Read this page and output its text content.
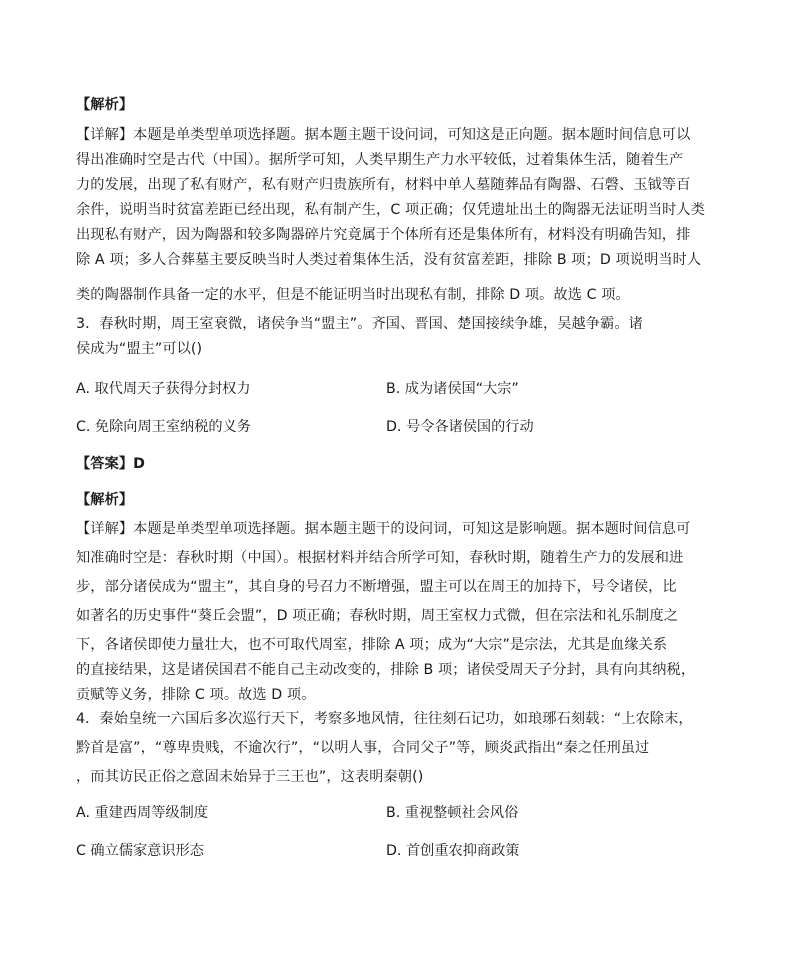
【解析】
【详解】本题是单类型单项选择题。据本题主题干设问词，可知这是正向题。据本题时间信息可以
得出准确时空是古代（中国）。据所学可知，人类早期生产力水平较低，过着集体生活，随着生产
力的发展，出现了私有财产，私有财产归贵族所有，材料中单人墓随葬品有陶器、石磬、玉钺等百
余件，说明当时贫富差距已经出现，私有制产生，C 项正确；仅凭遗址出土的陶器无法证明当时人类
出现私有财产，因为陶器和较多陶器碎片究竟属于个体所有还是集体所有，材料没有明确告知，排
除 A 项；多人合葬墓主要反映当时人类过着集体生活，没有贫富差距，排除 B 项；D 项说明当时人
类的陶器制作具备一定的水平，但是不能证明当时出现私有制，排除 D 项。故选 C 项。
3．春秋时期，周王室衰微，诸侯争当“盟主”。齐国、晋国、楚国接续争雄，吴越争霸。诸
侯成为“盟主”可以()
A. 取代周天子获得分封权力	B. 成为诸侯国“大宗”
C. 免除向周王室纳税的义务	D. 号令各诸侯国的行动
【答案】D
【解析】
【详解】本题是单类型单项选择题。据本题主题干的设问词，可知这是影响题。据本题时间信息可
知准确时空是：春秋时期（中国）。根据材料并结合所学可知，春秋时期，随着生产力的发展和进
步，部分诸侯成为“盟主”，其自身的号召力不断增强，盟主可以在周王的加持下，号令诸侯，比
如著名的历史事件“葵丘会盟”，D 项正确；春秋时期，周王室权力式微，但在宗法和礼乐制度之
下，各诸侯即使力量壮大，也不可取代周室，排除 A 项；成为“大宗”是宗法，尤其是血缘关系
的直接结果，这是诸侯国君不能自己主动改变的，排除 B 项；诸侯受周天子分封，具有向其纳税，
贡赋等义务，排除 C 项。故选 D 项。
4．秦始皇统一六国后多次巡行天下，考察多地风情，往往刻石记功，如琅琊石刻载：“上农除末，
黔首是富”，“尊卑贵贱，不逾次行”，“以明人事，合同父子”等，顾炎武指出“秦之任刑虽过
，而其访民正俗之意固未始异于三王也”，这表明秦朝()
A. 重建西周等级制度	B. 重视整顿社会风俗
C 确立儒家意识形态	D. 首创重农抑商政策
